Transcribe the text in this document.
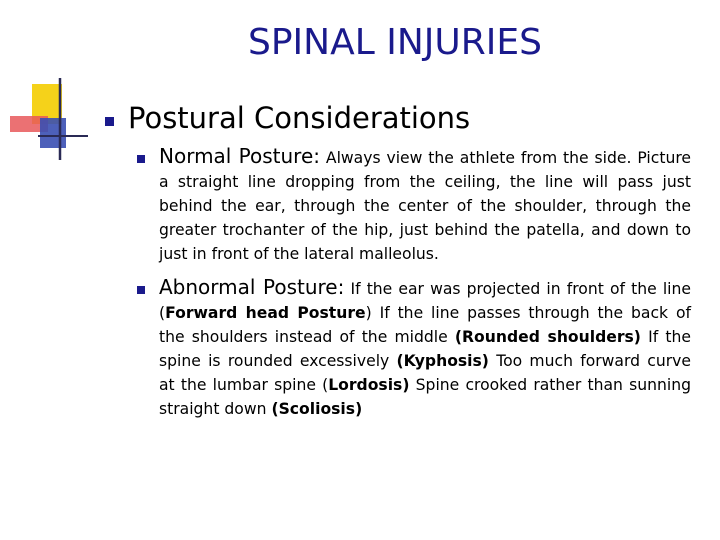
SPINAL INJURIES
Postural Considerations
Normal Posture: Always view the athlete from the side. Picture a straight line dropping from the ceiling, the line will pass just behind the ear, through the center of the shoulder, through the greater trochanter of the hip, just behind the patella, and down to just in front of the lateral malleolus.
Abnormal Posture: If the ear was projected in front of the line (Forward head Posture) If the line passes through the back of the shoulders instead of the middle (Rounded shoulders) If the spine is rounded excessively (Kyphosis) Too much forward curve at the lumbar spine (Lordosis) Spine crooked rather than sunning straight down (Scoliosis)
